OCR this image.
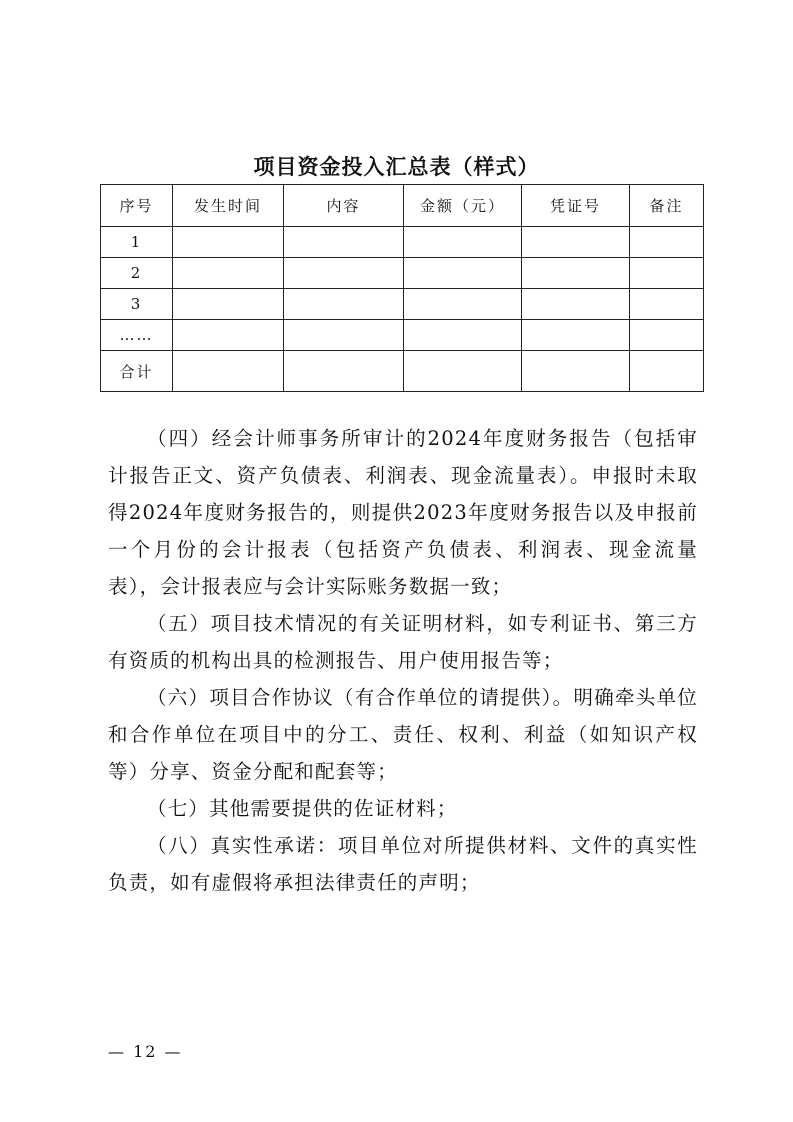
项目资金投入汇总表（样式）
序号	发生时间	内容	金额（元）	凭证号	备注
1					
2					
3					
……					
合计					

（四）经会计师事务所审计的2024年度财务报告（包括审计报告正文、资产负债表、利润表、现金流量表）。申报时未取得2024年度财务报告的，则提供2023年度财务报告以及申报前一个月份的会计报表（包括资产负债表、利润表、现金流量表），会计报表应与会计实际账务数据一致；

（五）项目技术情况的有关证明材料，如专利证书、第三方有资质的机构出具的检测报告、用户使用报告等；

（六）项目合作协议（有合作单位的请提供）。明确牵头单位和合作单位在项目中的分工、责任、权利、利益（如知识产权等）分享、资金分配和配套等；

（七）其他需要提供的佐证材料；

（八）真实性承诺：项目单位对所提供材料、文件的真实性负责，如有虚假将承担法律责任的声明；

— 12 —
